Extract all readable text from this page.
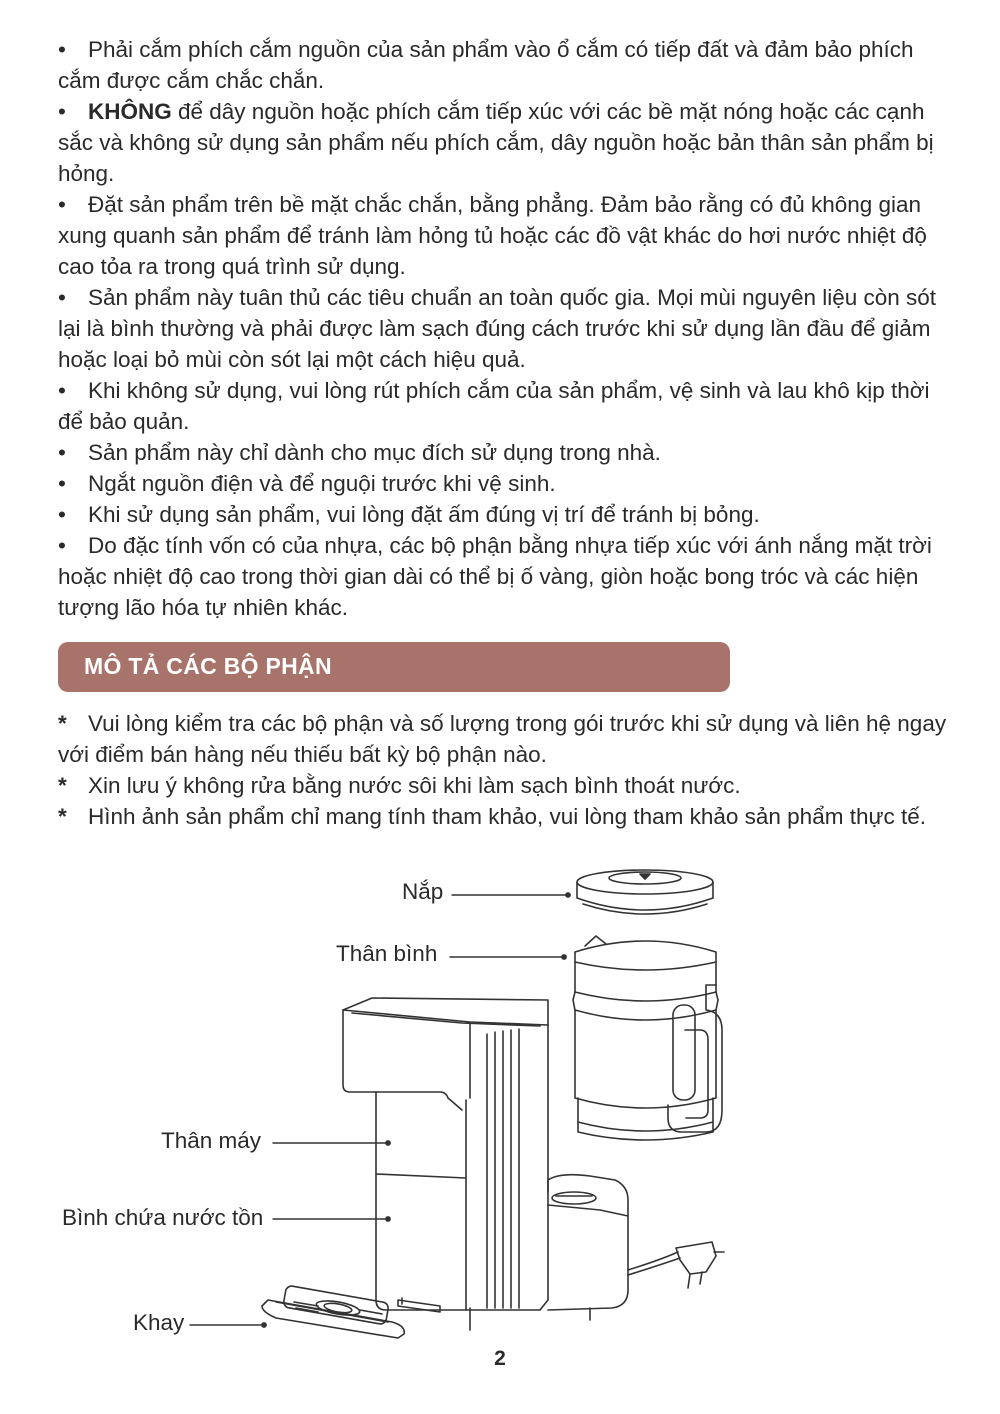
• Phải cắm phích cắm nguồn của sản phẩm vào ổ cắm có tiếp đất và đảm bảo phích cắm được cắm chắc chắn.
• KHÔNG để dây nguồn hoặc phích cắm tiếp xúc với các bề mặt nóng hoặc các cạnh sắc và không sử dụng sản phẩm nếu phích cắm, dây nguồn hoặc bản thân sản phẩm bị hỏng.
• Đặt sản phẩm trên bề mặt chắc chắn, bằng phẳng. Đảm bảo rằng có đủ không gian xung quanh sản phẩm để tránh làm hỏng tủ hoặc các đồ vật khác do hơi nước nhiệt độ cao tỏa ra trong quá trình sử dụng.
• Sản phẩm này tuân thủ các tiêu chuẩn an toàn quốc gia. Mọi mùi nguyên liệu còn sót lại là bình thường và phải được làm sạch đúng cách trước khi sử dụng lần đầu để giảm hoặc loại bỏ mùi còn sót lại một cách hiệu quả.
• Khi không sử dụng, vui lòng rút phích cắm của sản phẩm, vệ sinh và lau khô kịp thời để bảo quản.
• Sản phẩm này chỉ dành cho mục đích sử dụng trong nhà.
• Ngắt nguồn điện và để nguội trước khi vệ sinh.
• Khi sử dụng sản phẩm, vui lòng đặt ấm đúng vị trí để tránh bị bỏng.
• Do đặc tính vốn có của nhựa, các bộ phận bằng nhựa tiếp xúc với ánh nắng mặt trời hoặc nhiệt độ cao trong thời gian dài có thể bị ố vàng, giòn hoặc bong tróc và các hiện tượng lão hóa tự nhiên khác.
MÔ TẢ CÁC BỘ PHẬN
* Vui lòng kiểm tra các bộ phận và số lượng trong gói trước khi sử dụng và liên hệ ngay với điểm bán hàng nếu thiếu bất kỳ bộ phận nào.
* Xin lưu ý không rửa bằng nước sôi khi làm sạch bình thoát nước.
* Hình ảnh sản phẩm chỉ mang tính tham khảo, vui lòng tham khảo sản phẩm thực tế.
Nắp
Thân bình
Thân máy
Bình chứa nước tồn
Khay
2
